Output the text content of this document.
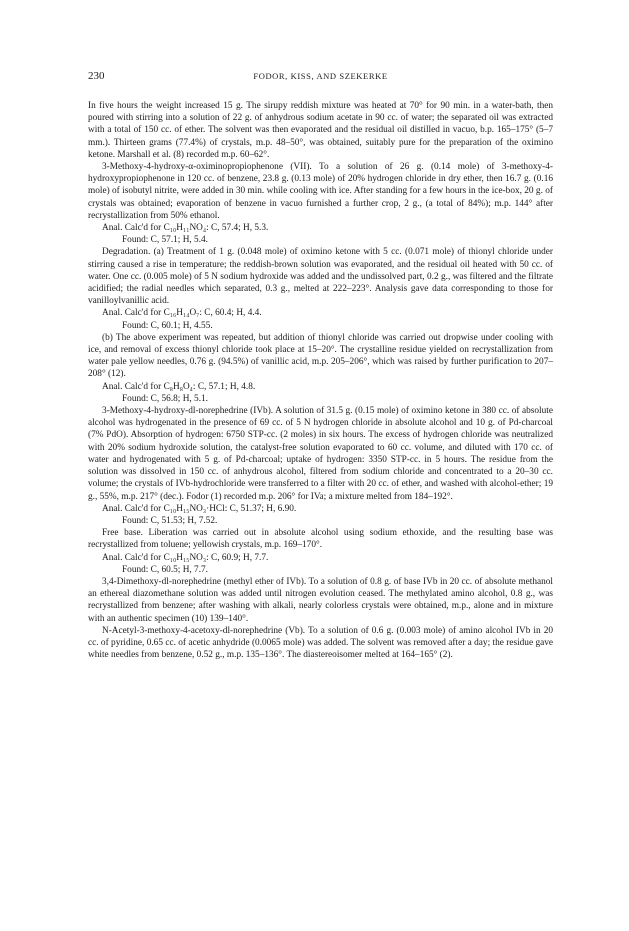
230	FODOR, KISS, AND SZEKERKE

In five hours the weight increased 15 g. The sirupy reddish mixture was heated at 70° for 90 min. in a water-bath, then poured with stirring into a solution of 22 g. of anhydrous sodium acetate in 90 cc. of water; the separated oil was extracted with a total of 150 cc. of ether. The solvent was then evaporated and the residual oil distilled in vacuo, b.p. 165–175° (5–7 mm.). Thirteen grams (77.4%) of crystals, m.p. 48–50°, was obtained, suitably pure for the preparation of the oximino ketone. Marshall et al. (8) recorded m.p. 60–62°.

3-Methoxy-4-hydroxy-α-oximinopropiophenone (VII). To a solution of 26 g. (0.14 mole) of 3-methoxy-4-hydroxypropiophenone in 120 cc. of benzene, 23.8 g. (0.13 mole) of 20% hydrogen chloride in dry ether, then 16.7 g. (0.16 mole) of isobutyl nitrite, were added in 30 min. while cooling with ice. After standing for a few hours in the ice-box, 20 g. of crystals was obtained; evaporation of benzene in vacuo furnished a further crop, 2 g., (a total of 84%); m.p. 144° after recrystallization from 50% ethanol.

Anal. Calc'd for C₁₀H₁₁NO₄: C, 57.4; H, 5.3.

Found: C, 57.1; H, 5.4.

Degradation. (a) Treatment of 1 g. (0.048 mole) of oximino ketone with 5 cc. (0.071 mole) of thionyl chloride under stirring caused a rise in temperature; the reddish-brown solution was evaporated, and the residual oil heated with 50 cc. of water. One cc. (0.005 mole) of 5 N sodium hydroxide was added and the undissolved part, 0.2 g., was filtered and the filtrate acidified; the radial needles which separated, 0.3 g., melted at 222–223°. Analysis gave data corresponding to those for vanilloylvanillic acid.

Anal. Calc'd for C₁₆H₁₄O₇: C, 60.4; H, 4.4.

Found: C, 60.1; H, 4.55.

(b) The above experiment was repeated, but addition of thionyl chloride was carried out dropwise under cooling with ice, and removal of excess thionyl chloride took place at 15–20°. The crystalline residue yielded on recrystallization from water pale yellow needles, 0.76 g. (94.5%) of vanillic acid, m.p. 205–206°, which was raised by further purification to 207–208° (12).

Anal. Calc'd for C₈H₈O₄: C, 57.1; H, 4.8.

Found: C, 56.8; H, 5.1.

3-Methoxy-4-hydroxy-dl-norephedrine (IVb). A solution of 31.5 g. (0.15 mole) of oximino ketone in 380 cc. of absolute alcohol was hydrogenated in the presence of 69 cc. of 5 N hydrogen chloride in absolute alcohol and 10 g. of Pd-charcoal (7% PdO). Absorption of hydrogen: 6750 STP-cc. (2 moles) in six hours. The excess of hydrogen chloride was neutralized with 20% sodium hydroxide solution, the catalyst-free solution evaporated to 60 cc. volume, and diluted with 170 cc. of water and hydrogenated with 5 g. of Pd-charcoal; uptake of hydrogen: 3350 STP-cc. in 5 hours. The residue from the solution was dissolved in 150 cc. of anhydrous alcohol, filtered from sodium chloride and concentrated to a 20–30 cc. volume; the crystals of IVb-hydrochloride were transferred to a filter with 20 cc. of ether, and washed with alcohol-ether; 19 g., 55%, m.p. 217° (dec.). Fodor (1) recorded m.p. 206° for IVa; a mixture melted from 184–192°.

Anal. Calc'd for C₁₀H₁₅NO₃·HCl: C, 51.37; H, 6.90.

Found: C, 51.53; H, 7.52.

Free base. Liberation was carried out in absolute alcohol using sodium ethoxide, and the resulting base was recrystallized from toluene; yellowish crystals, m.p. 169–170°.

Anal. Calc'd for C₁₀H₁₅NO₃: C, 60.9; H, 7.7.

Found: C, 60.5; H, 7.7.

3,4-Dimethoxy-dl-norephedrine (methyl ether of IVb). To a solution of 0.8 g. of base IVb in 20 cc. of absolute methanol an ethereal diazomethane solution was added until nitrogen evolution ceased. The methylated amino alcohol, 0.8 g., was recrystallized from benzene; after washing with alkali, nearly colorless crystals were obtained, m.p., alone and in mixture with an authentic specimen (10) 139–140°.

N-Acetyl-3-methoxy-4-acetoxy-dl-norephedrine (Vb). To a solution of 0.6 g. (0.003 mole) of amino alcohol IVb in 20 cc. of pyridine, 0.65 cc. of acetic anhydride (0.0065 mole) was added. The solvent was removed after a day; the residue gave white needles from benzene, 0.52 g., m.p. 135–136°. The diastereoisomer melted at 164–165° (2).
